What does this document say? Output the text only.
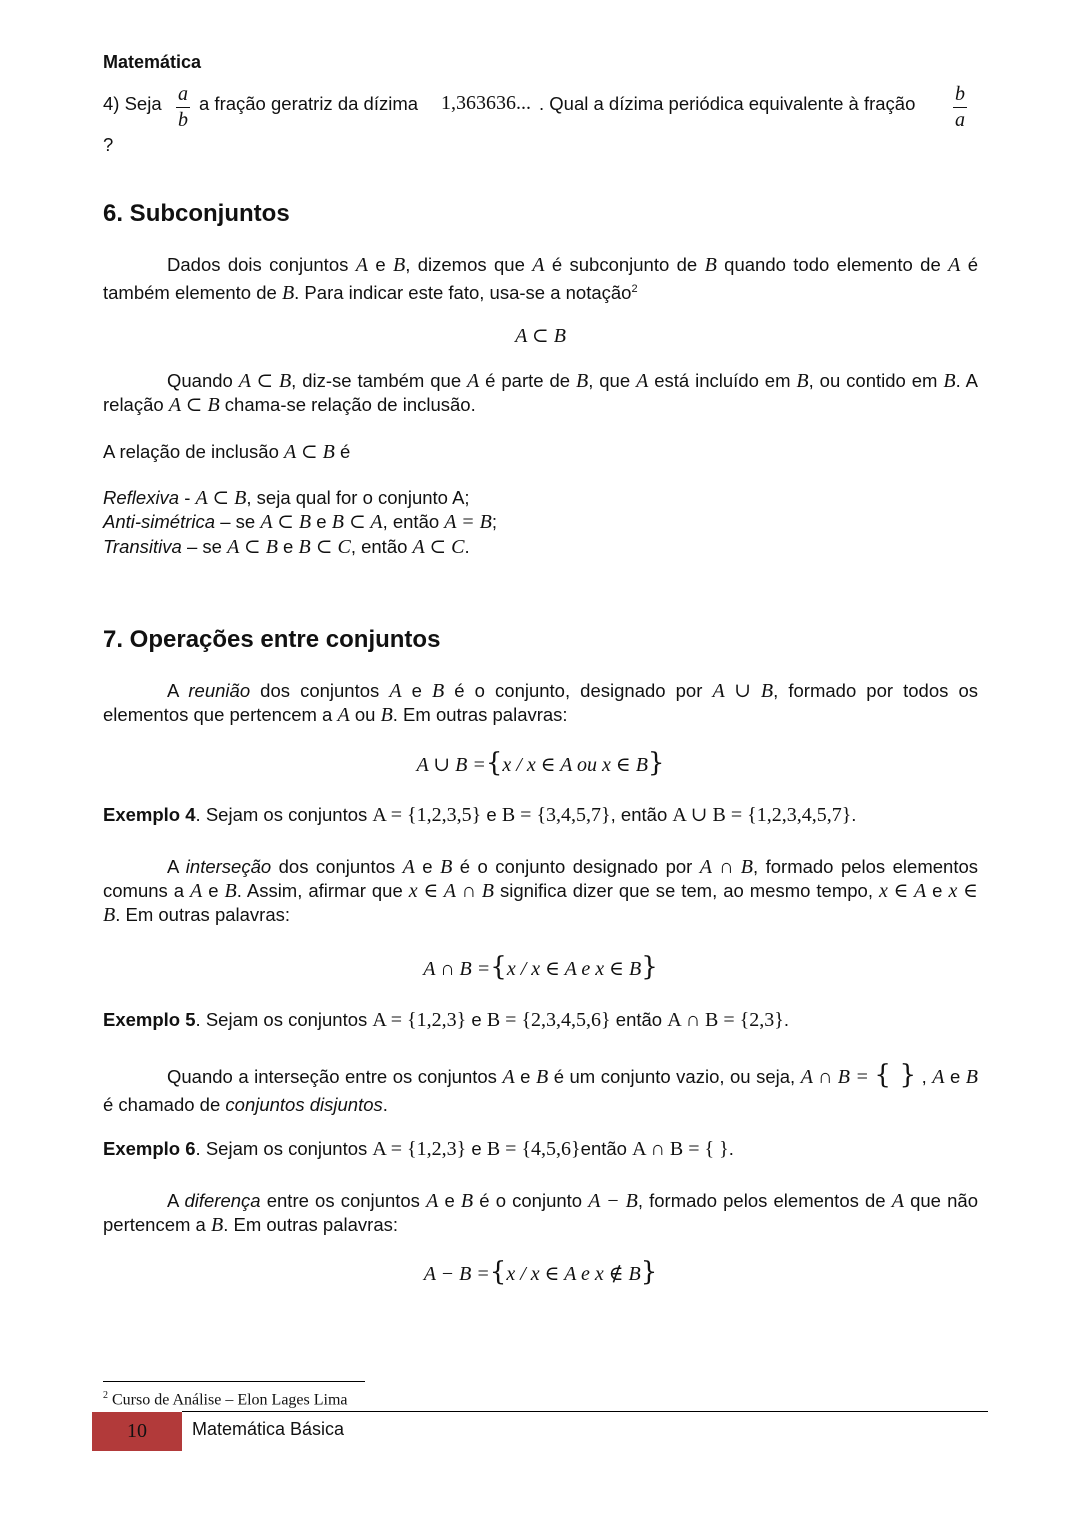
Matemática
4) Seja a
b
a fração geratriz da dízima 1,363636... . Qual a dízima periódica equivalente à fração b
a
?
6. Subconjuntos
Dados dois conjuntos A e B, dizemos que A é subconjunto de B quando todo elemento de A é também elemento de B. Para indicar este fato, usa-se a notação$^2$
A ⊂ B
Quando A ⊂ B, diz-se também que A é parte de B, que A está incluído em B, ou contido em B. A relação A ⊂ B chama-se relação de inclusão.
A relação de inclusão A ⊂ B é
Reflexiva - A ⊂ B, seja qual for o conjunto A;
Anti-simétrica – se A ⊂ B e B ⊂ A, então A = B;
Transitiva – se A ⊂ B e B ⊂ C, então A ⊂ C.
7. Operações entre conjuntos
A reunião dos conjuntos A e B é o conjunto, designado por A ∪ B, formado por todos os elementos que pertencem a A ou B. Em outras palavras:
A ∪ B ={x / x ∈ A ou x ∈ B}
Exemplo 4. Sejam os conjuntos A = {1,2,3,5} e B = {3,4,5,7}, então A ∪ B = {1,2,3,4,5,7}.
A interseção dos conjuntos A e B é o conjunto designado por A ∩ B, formado pelos elementos comuns a A e B. Assim, afirmar que x ∈ A ∩ B significa dizer que se tem, ao mesmo tempo, x ∈ A e x ∈ B. Em outras palavras:
A ∩ B ={x / x ∈ A e x ∈ B}
Exemplo 5. Sejam os conjuntos A = {1,2,3} e B = {2,3,4,5,6} então A ∩ B = {2,3}.
Quando a interseção entre os conjuntos A e B é um conjunto vazio, ou seja, A ∩ B = { } , A e B é chamado de conjuntos disjuntos.
Exemplo 6. Sejam os conjuntos A = {1,2,3} e B = {4,5,6}então A ∩ B = { }.
A diferença entre os conjuntos A e B é o conjunto A − B, formado pelos elementos de A que não pertencem a B. Em outras palavras:
A − B ={x / x ∈ A e x ∉ B}
$^2$ Curso de Análise – Elon Lages Lima
10	Matemática Básica
